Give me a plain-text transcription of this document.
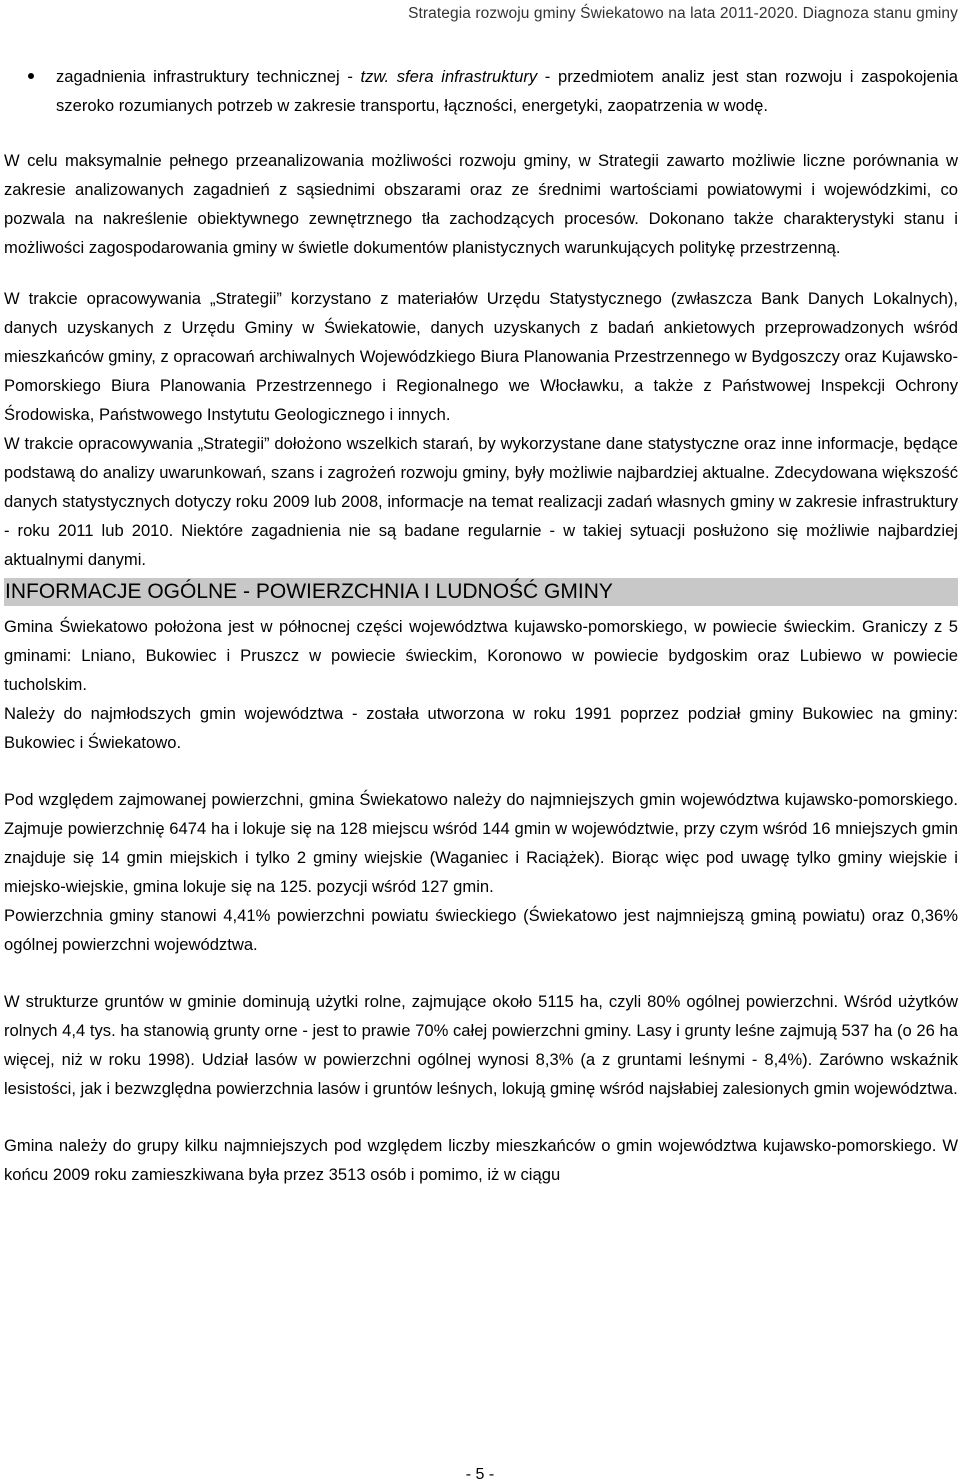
Strategia rozwoju gminy Świekatowo na lata 2011-2020. Diagnoza stanu gminy

zagadnienia infrastruktury technicznej - tzw. sfera infrastruktury - przedmiotem analiz jest stan rozwoju i zaspokojenia szeroko rozumianych potrzeb w zakresie transportu, łączności, energetyki, zaopatrzenia w wodę.

W celu maksymalnie pełnego przeanalizowania możliwości rozwoju gminy, w Strategii zawarto możliwie liczne porównania w zakresie analizowanych zagadnień z sąsiednimi obszarami oraz ze średnimi wartościami powiatowymi i wojewódzkimi, co pozwala na nakreślenie obiektywnego zewnętrznego tła zachodzących procesów. Dokonano także charakterystyki stanu i możliwości zagospodarowania gminy w świetle dokumentów planistycznych warunkujących politykę przestrzenną.

W trakcie opracowywania „Strategii” korzystano z materiałów Urzędu Statystycznego (zwłaszcza Bank Danych Lokalnych), danych uzyskanych z Urzędu Gminy w Świekatowie, danych uzyskanych z badań ankietowych przeprowadzonych wśród mieszkańców gminy, z opracowań archiwalnych Wojewódzkiego Biura Planowania Przestrzennego w Bydgoszczy oraz Kujawsko-Pomorskiego Biura Planowania Przestrzennego i Regionalnego we Włocławku, a także z Państwowej Inspekcji Ochrony Środowiska, Państwowego Instytutu Geologicznego i innych.

W trakcie opracowywania „Strategii” dołożono wszelkich starań, by wykorzystane dane statystyczne oraz inne informacje, będące podstawą do analizy uwarunkowań, szans i zagrożeń rozwoju gminy, były możliwie najbardziej aktualne. Zdecydowana większość danych statystycznych dotyczy roku 2009 lub 2008, informacje na temat realizacji zadań własnych gminy w zakresie infrastruktury - roku 2011 lub 2010. Niektóre zagadnienia nie są badane regularnie - w takiej sytuacji posłużono się możliwie najbardziej aktualnymi danymi.

INFORMACJE OGÓLNE - POWIERZCHNIA I LUDNOŚĆ GMINY

Gmina Świekatowo położona jest w północnej części województwa kujawsko-pomorskiego, w powiecie świeckim. Graniczy z 5 gminami: Lniano, Bukowiec i Pruszcz w powiecie świeckim, Koronowo w powiecie bydgoskim oraz Lubiewo w powiecie tucholskim.

Należy do najmłodszych gmin województwa - została utworzona w roku 1991 poprzez podział gminy Bukowiec na gminy: Bukowiec i Świekatowo.

Pod względem zajmowanej powierzchni, gmina Świekatowo należy do najmniejszych gmin województwa kujawsko-pomorskiego. Zajmuje powierzchnię 6474 ha i lokuje się na 128 miejscu wśród 144 gmin w województwie, przy czym wśród 16 mniejszych gmin znajduje się 14 gmin miejskich i tylko 2 gminy wiejskie (Waganiec i Raciążek). Biorąc więc pod uwagę tylko gminy wiejskie i miejsko-wiejskie, gmina lokuje się na 125. pozycji wśród 127 gmin.

Powierzchnia gminy stanowi 4,41% powierzchni powiatu świeckiego (Świekatowo jest najmniejszą gminą powiatu) oraz 0,36% ogólnej powierzchni województwa.

W strukturze gruntów w gminie dominują użytki rolne, zajmujące około 5115 ha, czyli 80% ogólnej powierzchni. Wśród użytków rolnych 4,4 tys. ha stanowią grunty orne - jest to prawie 70% całej powierzchni gminy. Lasy i grunty leśne zajmują 537 ha (o 26 ha więcej, niż w roku 1998). Udział lasów w powierzchni ogólnej wynosi 8,3% (a z gruntami leśnymi - 8,4%). Zarówno wskaźnik lesistości, jak i bezwzględna powierzchnia lasów i gruntów leśnych, lokują gminę wśród najsłabiej zalesionych gmin województwa.

Gmina należy do grupy kilku najmniejszych pod względem liczby mieszkańców o gmin województwa kujawsko-pomorskiego. W końcu 2009 roku zamieszkiwana była przez 3513 osób i pomimo, iż w ciągu

- 5 -
